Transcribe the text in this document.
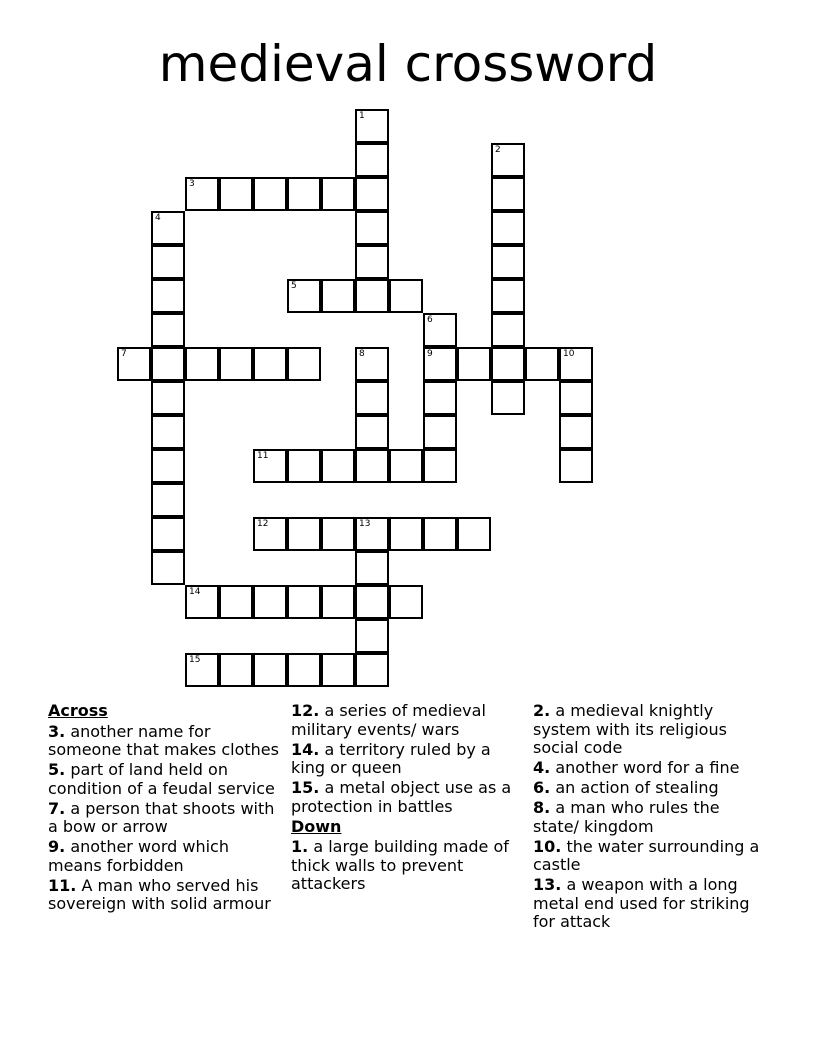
medieval crossword
1
2
3
4
5
6
9
7	8	10
11
12	13
14
15
Across
3. another name for someone that makes clothes
5. part of land held on condition of a feudal service
7. a person that shoots with a bow or arrow
9. another word which means forbidden
11. A man who served his sovereign with solid armour
12. a series of medieval military events/ wars
14. a territory ruled by a king or queen
15. a metal object use as a protection in battles
Down
1. a large building made of thick walls to prevent attackers
2. a medieval knightly system with its religious social code
4. another word for a fine
6. an action of stealing
8. a man who rules the state/ kingdom
10. the water surrounding a castle
13. a weapon with a long metal end used for striking for attack
